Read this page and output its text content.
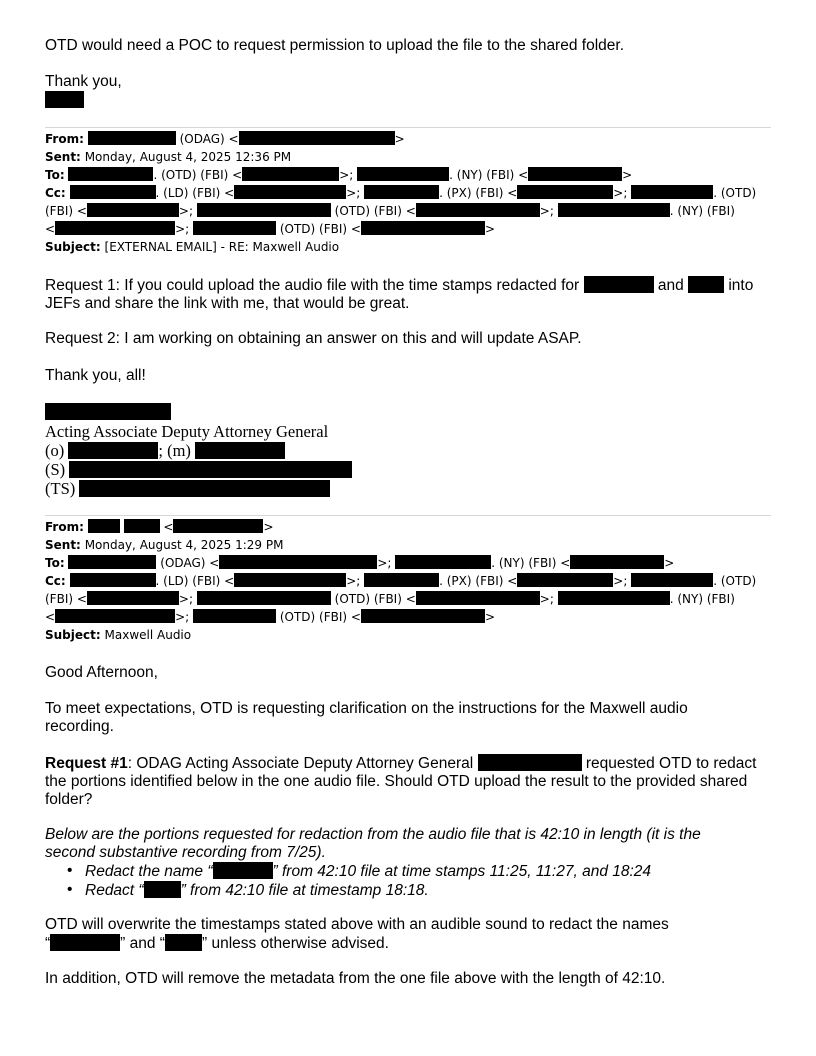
OTD would need a POC to request permission to upload the file to the shared folder.
Thank you,
From:	(ODAG) <	>
Sent: Monday, August 4, 2025 12:36 PM
To:	. (OTD) (FBI) <	>;	. (NY) (FBI) <	>
Cc:	. (LD) (FBI) <	>;	. (PX) (FBI) <	>;	. (OTD)
(FBI) <	>;	(OTD) (FBI) <	>;	. (NY) (FBI)
<	>;	(OTD) (FBI) <	>
Subject: [EXTERNAL EMAIL] - RE: Maxwell Audio
Request 1: If you could upload the audio file with the time stamps redacted for	and	into JEFs and share the link with me, that would be great.
Request 2: I am working on obtaining an answer on this and will update ASAP.
Thank you, all!
Acting Associate Deputy Attorney General
(o)	; (m)
(S)
(TS)
From:	<	>
Sent: Monday, August 4, 2025 1:29 PM
To:	(ODAG) <	>;	. (NY) (FBI) <	>
Cc:	. (LD) (FBI) <	>;	. (PX) (FBI) <	>;	. (OTD)
(FBI) <	>;	(OTD) (FBI) <	>;	. (NY) (FBI)
<	>;	(OTD) (FBI) <	>
Subject: Maxwell Audio
Good Afternoon,
To meet expectations, OTD is requesting clarification on the instructions for the Maxwell audio recording.
Request #1: ODAG Acting Associate Deputy Attorney General	requested OTD to redact the portions identified below in the one audio file. Should OTD upload the result to the provided shared folder?
Below are the portions requested for redaction from the audio file that is 42:10 in length (it is the second substantive recording from 7/25).
• Redact the name “	” from 42:10 file at time stamps 11:25, 11:27, and 18:24
• Redact “ ” from 42:10 file at timestamp 18:18.
OTD will overwrite the timestamps stated above with an audible sound to redact the names
“	” and “ ” unless otherwise advised.
In addition, OTD will remove the metadata from the one file above with the length of 42:10.
